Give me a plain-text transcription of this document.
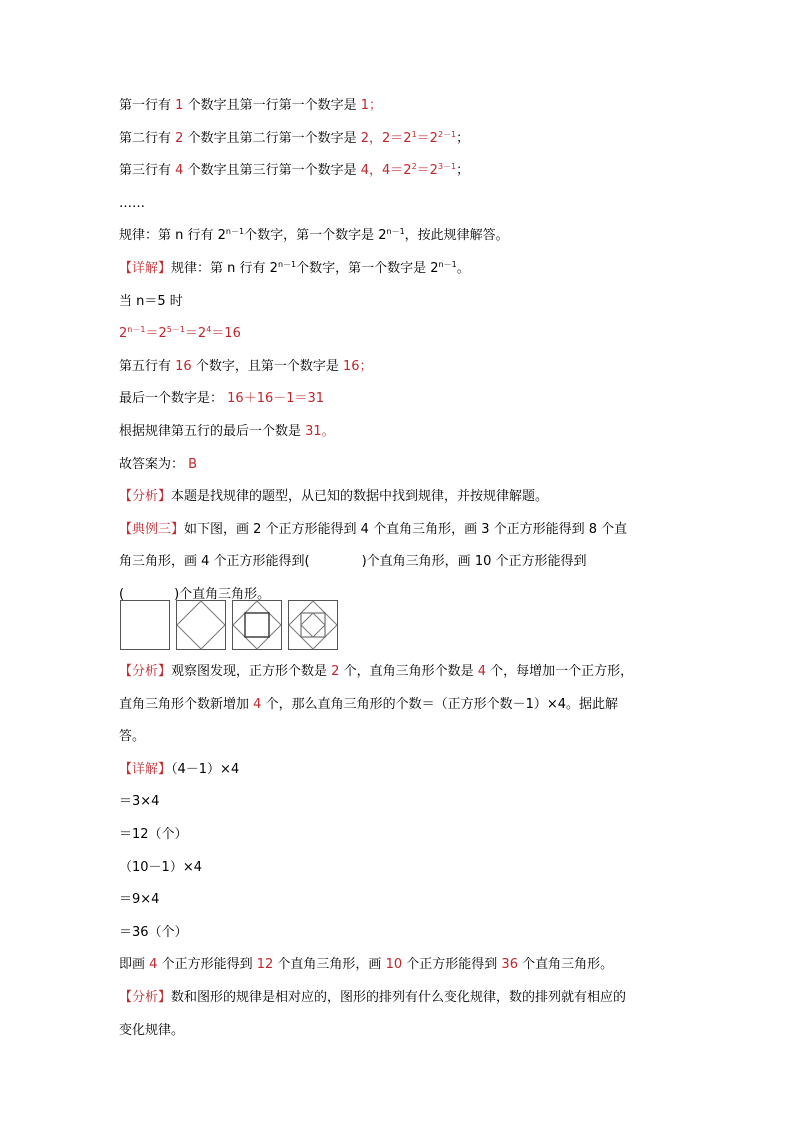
第一行有 1 个数字且第一行第一个数字是 1；
第二行有 2 个数字且第二行第一个数字是 2，$2=2^1=2^{2-1}$；
第三行有 4 个数字且第三行第一个数字是 4，$4=2^2=2^{3-1}$；
……
规律：第 n 行有 $2^{n-1}$个数字，第一个数字是 $2^{n-1}$，按此规律解答。
【详解】规律：第 n 行有 $2^{n-1}$个数字，第一个数字是 $2^{n-1}$。
当 n＝5 时
$2^{n-1}=2^{5-1}=2^4=16$
第五行有 16 个数字，且第一个数字是 16；
最后一个数字是： 16＋16－1＝31
根据规律第五行的最后一个数是 31。
故答案为： B
【分析】本题是找规律的题型，从已知的数据中找到规律，并按规律解题。
【典例三】如下图，画 2 个正方形能得到 4 个直角三角形，画 3 个正方形能得到 8 个直
角三角形，画 4 个正方形能得到(	)个直角三角形，画 10 个正方形能得到
(	)个直角三角形。
【分析】观察图发现，正方形个数是 2 个，直角三角形个数是 4 个，每增加一个正方形，
直角三角形个数新增加 4 个，那么直角三角形的个数＝（正方形个数－1）×4。据此解
答。
【详解】（4－1）×4
＝3×4
＝12（个）
（10－1）×4
＝9×4
＝36（个）
即画 4 个正方形能得到 12 个直角三角形，画 10 个正方形能得到 36 个直角三角形。
【分析】数和图形的规律是相对应的，图形的排列有什么变化规律，数的排列就有相应的
变化规律。
